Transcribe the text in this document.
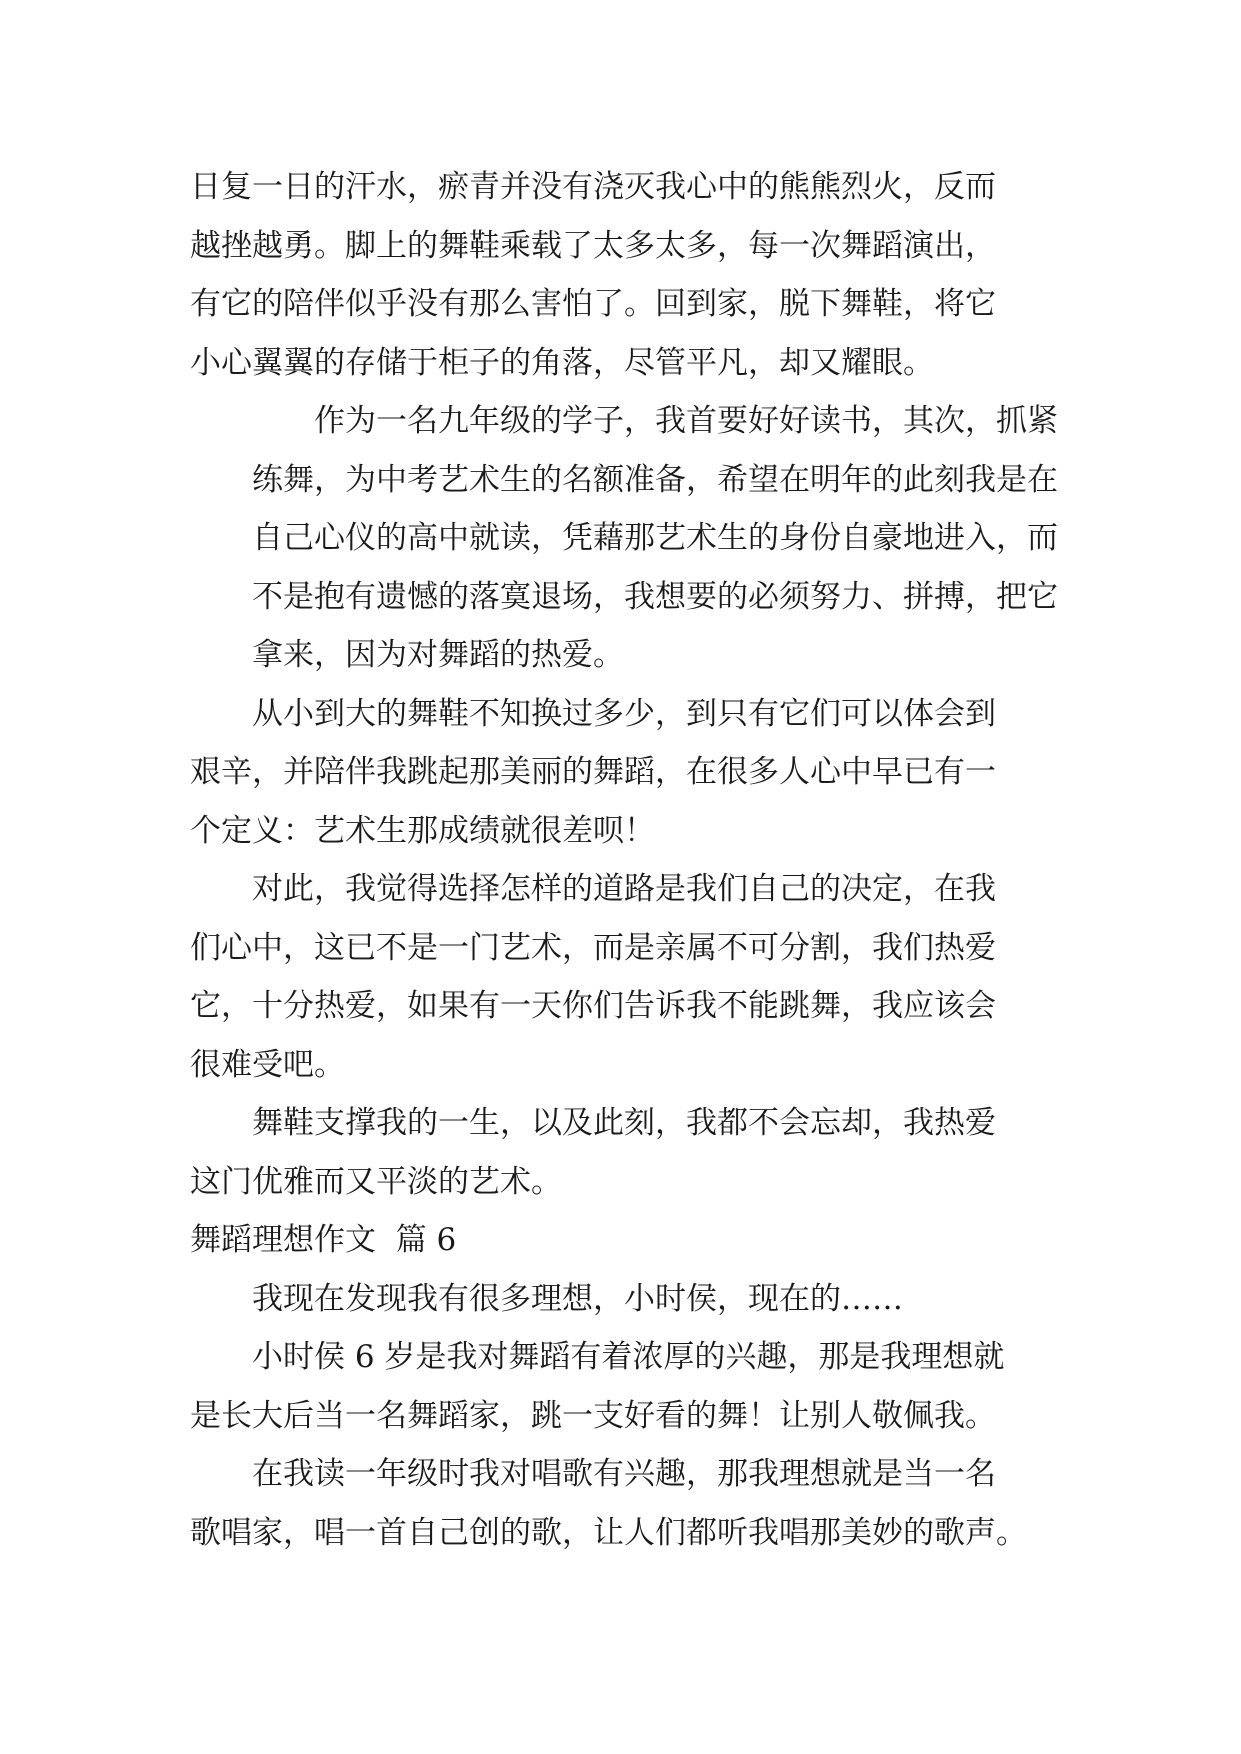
日复一日的汗水，瘀青并没有浇灭我心中的熊熊烈火，反而
越挫越勇。脚上的舞鞋乘载了太多太多，每一次舞蹈演出，
有它的陪伴似乎没有那么害怕了。回到家，脱下舞鞋，将它
小心翼翼的存储于柜子的角落，尽管平凡，却又耀眼。

作为一名九年级的学子，我首要好好读书，其次，抓紧
练舞，为中考艺术生的名额准备，希望在明年的此刻我是在
自己心仪的高中就读，凭藉那艺术生的身份自豪地进入，而
不是抱有遗憾的落寞退场，我想要的必须努力、拼搏，把它
拿来，因为对舞蹈的热爱。

从小到大的舞鞋不知换过多少，到只有它们可以体会到
艰辛，并陪伴我跳起那美丽的舞蹈，在很多人心中早已有一
个定义：艺术生那成绩就很差呗！

对此，我觉得选择怎样的道路是我们自己的决定，在我
们心中，这已不是一门艺术，而是亲属不可分割，我们热爱
它，十分热爱，如果有一天你们告诉我不能跳舞，我应该会
很难受吧。

舞鞋支撑我的一生，以及此刻，我都不会忘却，我热爱
这门优雅而又平淡的艺术。

舞蹈理想作文  篇 6

我现在发现我有很多理想，小时侯，现在的……

小时侯 6 岁是我对舞蹈有着浓厚的兴趣，那是我理想就
是长大后当一名舞蹈家，跳一支好看的舞！让别人敬佩我。

在我读一年级时我对唱歌有兴趣，那我理想就是当一名
歌唱家，唱一首自己创的歌，让人们都听我唱那美妙的歌声。
